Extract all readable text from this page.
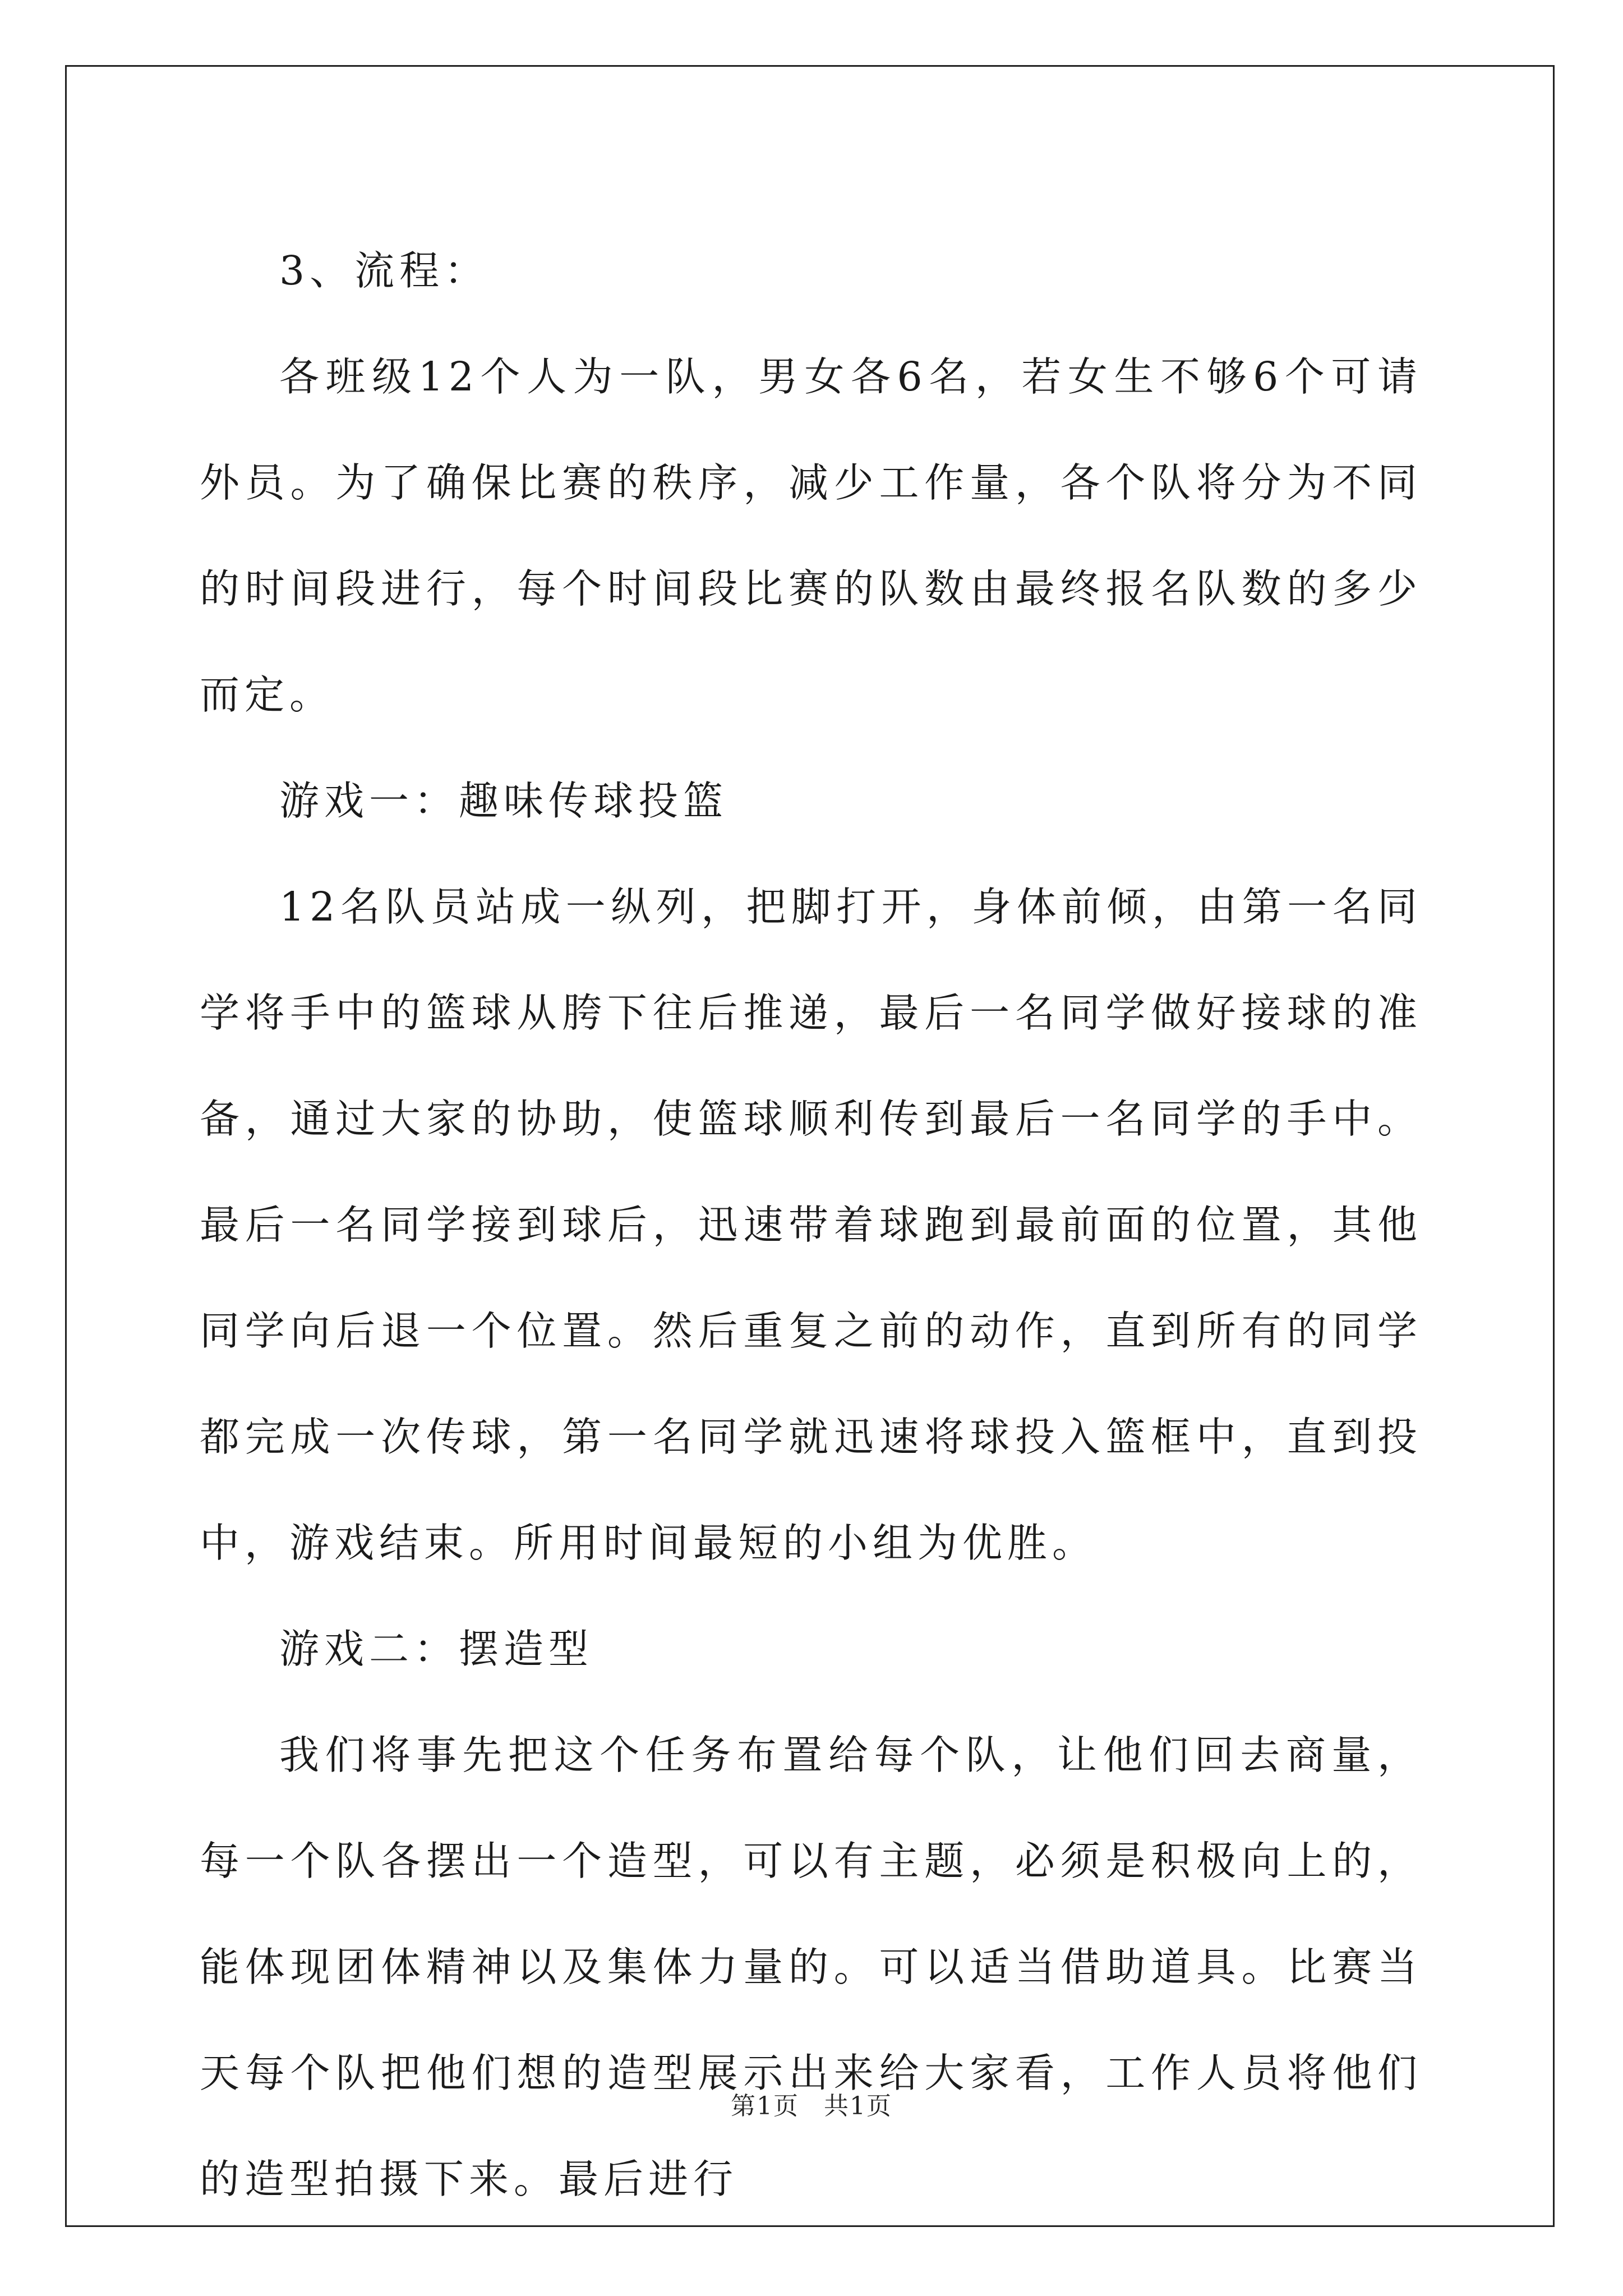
3、流程：

各班级12个人为一队，男女各6名，若女生不够6个可请外员。为了确保比赛的秩序，减少工作量，各个队将分为不同的时间段进行，每个时间段比赛的队数由最终报名队数的多少而定。

游戏一：趣味传球投篮

12名队员站成一纵列，把脚打开，身体前倾，由第一名同学将手中的篮球从胯下往后推递，最后一名同学做好接球的准备，通过大家的协助，使篮球顺利传到最后一名同学的手中。最后一名同学接到球后，迅速带着球跑到最前面的位置，其他同学向后退一个位置。然后重复之前的动作，直到所有的同学都完成一次传球，第一名同学就迅速将球投入篮框中，直到投中，游戏结束。所用时间最短的小组为优胜。

游戏二：摆造型

我们将事先把这个任务布置给每个队，让他们回去商量，每一个队各摆出一个造型，可以有主题，必须是积极向上的，能体现团体精神以及集体力量的。可以适当借助道具。比赛当天每个队把他们想的造型展示出来给大家看，工作人员将他们的造型拍摄下来。最后进行

第1页 共1页
